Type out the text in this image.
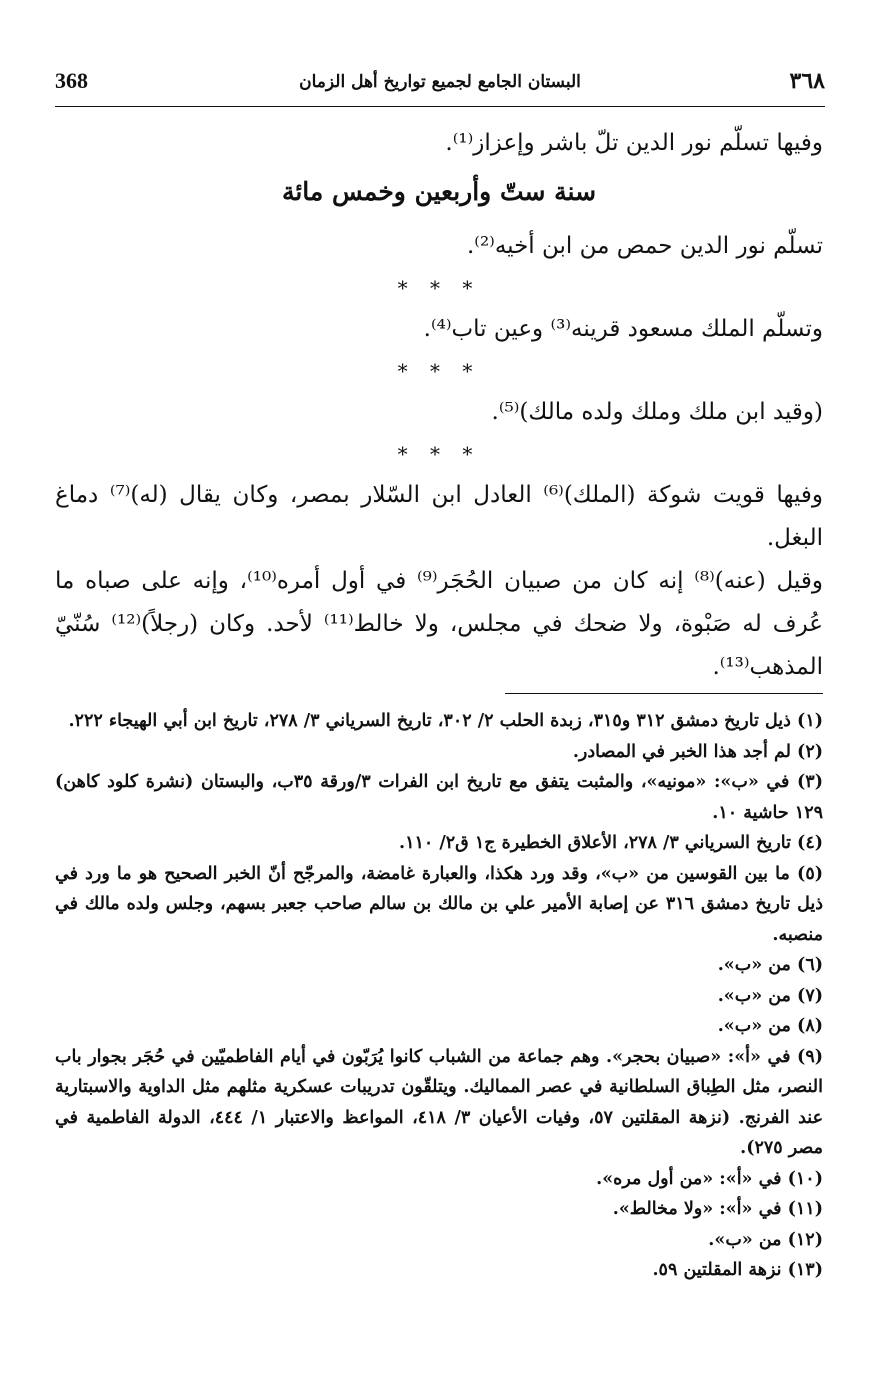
368	البستان الجامع لجميع تواريخ أهل الزمان	٣٦٨

وفيها تسلّم نور الدين تلّ باشر وإعزاز⁽¹⁾.

سنة ستّ وأربعين وخمس مائة

تسلّم نور الدين حمص من ابن أخيه⁽²⁾.

* * *

وتسلّم الملك مسعود قرينه⁽³⁾ وعين تاب⁽⁴⁾.

* * *

(وقيد ابن ملك وملك ولده مالك)⁽⁵⁾.

* * *

وفيها قويت شوكة (الملك)⁽⁶⁾ العادل ابن السّلار بمصر، وكان يقال (له)⁽⁷⁾ دماغ البغل.

وقيل (عنه)⁽⁸⁾ إنه كان من صبيان الحُجَر⁽⁹⁾ في أول أمره⁽¹⁰⁾، وإنه على صباه ما عُرف له صَبْوة، ولا ضحك في مجلس، ولا خالط⁽¹¹⁾ لأحد. وكان (رجلاً)⁽¹²⁾ سُنّيّ المذهب⁽¹³⁾.

(١) ذيل تاريخ دمشق ٣١٢ و٣١٥، زبدة الحلب ٢/ ٣٠٢، تاريخ السرياني ٣/ ٢٧٨، تاريخ ابن أبي الهيجاء ٢٢٢.

(٢) لم أجد هذا الخبر في المصادر.

(٣) في «ب»: «مونيه»، والمثبت يتفق مع تاريخ ابن الفرات ٣/ورقة ٣٥ب، والبستان (نشرة كلود كاهن) ١٢٩ حاشية ١٠.

(٤) تاريخ السرياني ٣/ ٢٧٨، الأعلاق الخطيرة ج١ ق٢/ ١١٠.

(٥) ما بين القوسين من «ب»، وقد ورد هكذا، والعبارة غامضة، والمرجّح أنّ الخبر الصحيح هو ما ورد في ذيل تاريخ دمشق ٣١٦ عن إصابة الأمير علي بن مالك بن سالم صاحب جعبر بسهم، وجلس ولده مالك في منصبه.

(٦) من «ب».

(٧) من «ب».

(٨) من «ب».

(٩) في «أ»: «صبيان بحجر». وهم جماعة من الشباب كانوا يُرَبّون في أيام الفاطميّين في حُجَر بجوار باب النصر، مثل الطِباق السلطانية في عصر المماليك. ويتلقّون تدريبات عسكرية مثلهم مثل الداوية والاسبتارية عند الفرنج. (نزهة المقلتين ٥٧، وفيات الأعيان ٣/ ٤١٨، المواعظ والاعتبار ١/ ٤٤٤، الدولة الفاطمية في مصر ٢٧٥).

(١٠) في «أ»: «من أول مره».

(١١) في «أ»: «ولا مخالط».

(١٢) من «ب».

(١٣) نزهة المقلتين ٥٩.
